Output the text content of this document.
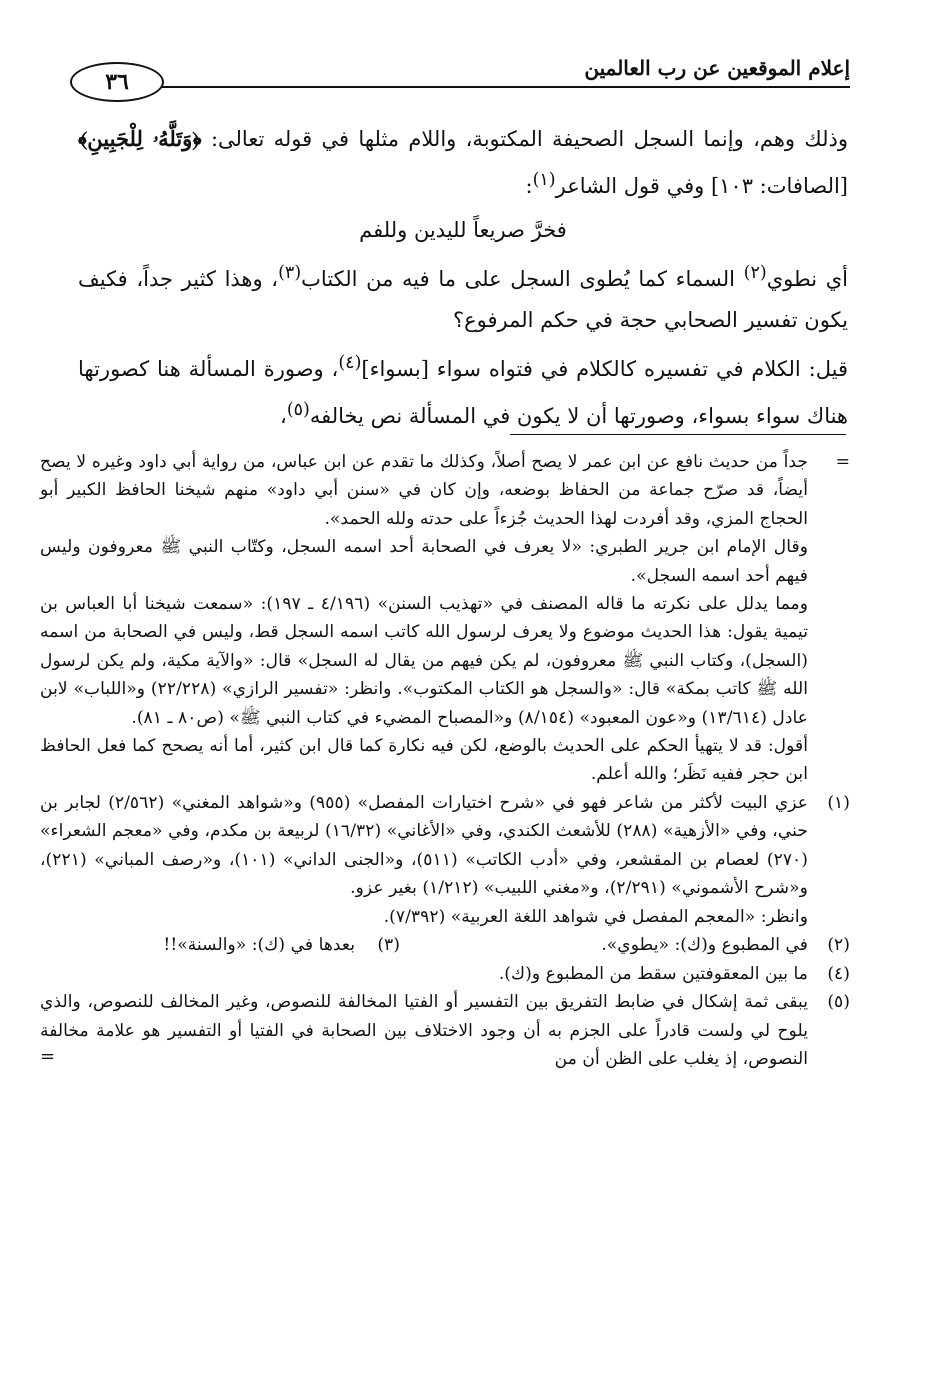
إعلام الموقعين عن رب العالمين
٣٦

وذلك وهم، وإنما السجل الصحيفة المكتوبة، واللام مثلها في قوله تعالى: ﴿وَتَلَّهُۥ لِلْجَبِينِ﴾ [الصافات: ١٠٣] وفي قول الشاعر$^{(١)}$:

فخرَّ صريعاً لليدين وللفم

أي نطوي$^{(٢)}$ السماء كما يُطوى السجل على ما فيه من الكتاب$^{(٣)}$، وهذا كثير جداً، فكيف يكون تفسير الصحابي حجة في حكم المرفوع؟

قيل: الكلام في تفسيره كالكلام في فتواه سواء [بسواء]$^{(٤)}$، وصورة المسألة هنا كصورتها هناك سواء بسواء، وصورتها أن لا يكون في المسألة نص يخالفه$^{(٥)}$،

=
جداً من حديث نافع عن ابن عمر لا يصح أصلاً، وكذلك ما تقدم عن ابن عباس، من رواية أبي داود وغيره لا يصح أيضاً، قد صرّح جماعة من الحفاظ بوضعه، وإن كان في «سنن أبي داود» منهم شيخنا الحافظ الكبير أبو الحجاج المزي، وقد أفردت لهذا الحديث جُزءاً على حدته ولله الحمد».
وقال الإمام ابن جرير الطبري: «لا يعرف في الصحابة أحد اسمه السجل، وكتّاب النبي ﷺ معروفون وليس فيهم أحد اسمه السجل».
ومما يدلل على نكرته ما قاله المصنف في «تهذيب السنن» (٤/١٩٦ ـ ١٩٧): «سمعت شيخنا أبا العباس بن تيمية يقول: هذا الحديث موضوع ولا يعرف لرسول الله كاتب اسمه السجل قط، وليس في الصحابة من اسمه (السجل)، وكتاب النبي ﷺ معروفون، لم يكن فيهم من يقال له السجل» قال: «والآية مكية، ولم يكن لرسول الله ﷺ كاتب بمكة» قال: «والسجل هو الكتاب المكتوب». وانظر: «تفسير الرازي» (٢٢/٢٢٨) و«اللباب» لابن عادل (١٣/٦١٤) و«عون المعبود» (٨/١٥٤) و«المصباح المضيء في كتاب النبي ﷺ» (ص٨٠ ـ ٨١).
أقول: قد لا يتهيأ الحكم على الحديث بالوضع، لكن فيه نكارة كما قال ابن كثير، أما أنه يصحح كما فعل الحافظ ابن حجر ففيه نَظَر؛ والله أعلم.
(١)
عزي البيت لأكثر من شاعر فهو في «شرح اختيارات المفصل» (٩٥٥) و«شواهد المغني» (٢/٥٦٢) لجابر بن حني، وفي «الأزهية» (٢٨٨) للأشعث الكندي، وفي «الأغاني» (١٦/٣٢) لربيعة بن مكدم، وفي «معجم الشعراء» (٢٧٠) لعصام بن المقشعر، وفي «أدب الكاتب» (٥١١)، و«الجنى الداني» (١٠١)، و«رصف المباني» (٢٢١)، و«شرح الأشموني» (٢/٢٩١)، و«مغني اللبيب» (١/٢١٢) بغير عزو.
وانظر: «المعجم المفصل في شواهد اللغة العربية» (٧/٣٩٢).
(٢)
في المطبوع و(ك): «يطوي».
(٣)
بعدها في (ك): «والسنة»!!
(٤)
ما بين المعقوفتين سقط من المطبوع و(ك).
(٥)
يبقى ثمة إشكال في ضابط التفريق بين التفسير أو الفتيا المخالفة للنصوص، وغير المخالف للنصوص، والذي يلوح لي ولست قادراً على الجزم به أن وجود الاختلاف بين الصحابة في الفتيا أو التفسير هو علامة مخالفة النصوص، إذ يغلب على الظن أن من
=
